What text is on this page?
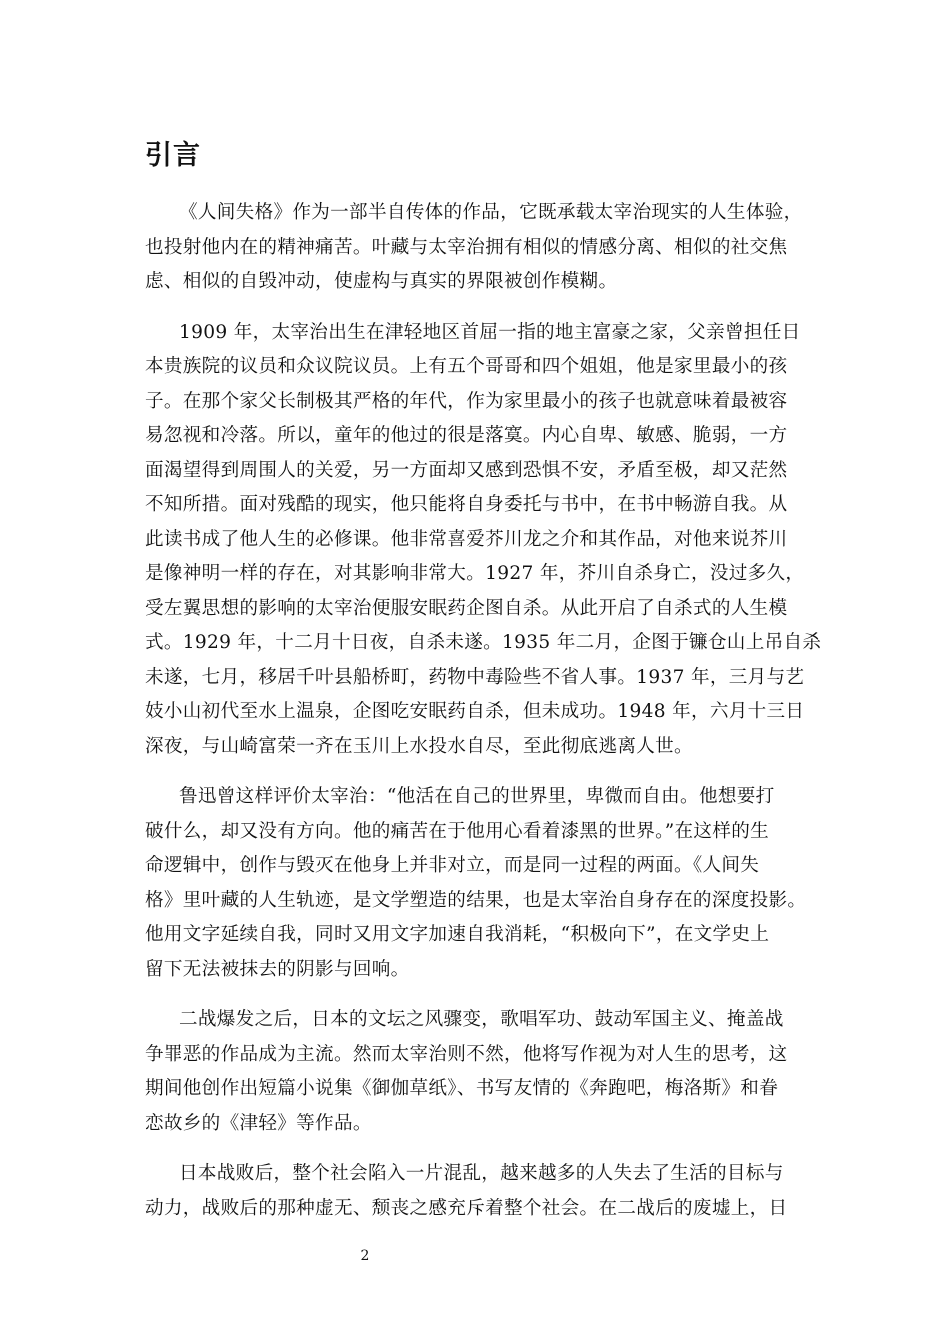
引言
《人间失格》作为一部半自传体的作品，它既承载太宰治现实的人生体验，
也投射他内在的精神痛苦。叶藏与太宰治拥有相似的情感分离、相似的社交焦
虑、相似的自毁冲动，使虚构与真实的界限被创作模糊。
1909 年，太宰治出生在津轻地区首屈一指的地主富豪之家，父亲曾担任日
本贵族院的议员和众议院议员。上有五个哥哥和四个姐姐，他是家里最小的孩
子。在那个家父长制极其严格的年代，作为家里最小的孩子也就意味着最被容
易忽视和冷落。所以，童年的他过的很是落寞。内心自卑、敏感、脆弱，一方
面渴望得到周围人的关爱，另一方面却又感到恐惧不安，矛盾至极，却又茫然
不知所措。面对残酷的现实，他只能将自身委托与书中，在书中畅游自我。从
此读书成了他人生的必修课。他非常喜爱芥川龙之介和其作品，对他来说芥川
是像神明一样的存在，对其影响非常大。1927 年，芥川自杀身亡，没过多久，
受左翼思想的影响的太宰治便服安眠药企图自杀。从此开启了自杀式的人生模
式。1929 年，十二月十日夜，自杀未遂。1935 年二月，企图于镰仓山上吊自杀
未遂，七月，移居千叶县船桥町，药物中毒险些不省人事。1937 年，三月与艺
妓小山初代至水上温泉，企图吃安眠药自杀，但未成功。1948 年，六月十三日
深夜，与山崎富荣一齐在玉川上水投水自尽，至此彻底逃离人世。
鲁迅曾这样评价太宰治：“他活在自己的世界里，卑微而自由。他想要打
破什么，却又没有方向。他的痛苦在于他用心看着漆黑的世界。”在这样的生
命逻辑中，创作与毁灭在他身上并非对立，而是同一过程的两面。《人间失
格》里叶藏的人生轨迹，是文学塑造的结果，也是太宰治自身存在的深度投影。
他用文字延续自我，同时又用文字加速自我消耗，“积极向下”，在文学史上
留下无法被抹去的阴影与回响。
二战爆发之后，日本的文坛之风骤变，歌唱军功、鼓动军国主义、掩盖战
争罪恶的作品成为主流。然而太宰治则不然，他将写作视为对人生的思考，这
期间他创作出短篇小说集《御伽草纸》、书写友情的《奔跑吧，梅洛斯》和眷
恋故乡的《津轻》等作品。
日本战败后，整个社会陷入一片混乱，越来越多的人失去了生活的目标与
动力，战败后的那种虚无、颓丧之感充斥着整个社会。在二战后的废墟上，日
2
